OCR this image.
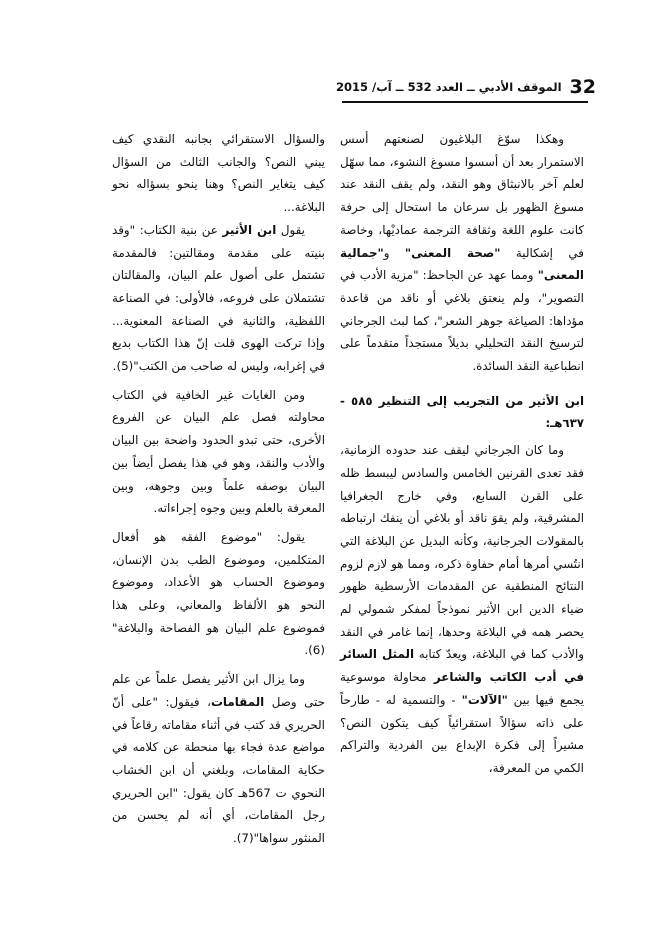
32
الموقف الأدبي ــ العدد 532 ــ آب/ 2015

وهكذا سوّغ البلاغيون لصنعتهم أسس الاستمرار بعد أن أسسوا مسوغ النشوء، مما سهّل لعلم آخر بالانبثاق وهو النقد، ولم يقف النقد عند مسوغ الظهور بل سرعان ما استحال إلى حرفة كانت علوم اللغة وثقافة الترجمة عماديْها، وخاصة في إشكالية "صحة المعنى" و"جمالية المعنى" ومما عهد عن الجاحظ: "مزية الأدب في التصوير"، ولم ينعتق بلاغي أو ناقد من قاعدة مؤداها: الصياغة جوهر الشعر"، كما لبث الجرجاني لترسيخ النقد التحليلي بديلاً مستجداً متقدماً على انطباعية النقد السائدة.

ابن الأثير من التجريب إلى التنظير ٥٨٥ - ٦٣٧هـ:

وما كان الجرجاني ليقف عند حدوده الزمانية، فقد تعدى القرنين الخامس والسادس ليبسط ظله على القرن السابع، وفي خارج الجغرافيا المشرقية، ولم يقوَ ناقد أو بلاغي أن ينفك ارتباطه بالمقولات الجرجانية، وكأنه البديل عن البلاغة التي انتُسي أمرها أمام حفاوة ذكره، ومما هو لازم لزوم النتائج المنطقية عن المقدمات الأرسطية ظهور ضياء الدين ابن الأثير نموذجاً لمفكر شمولي لم يحصر همه في البلاغة وحدها، إنما غامر في النقد والأدب كما في البلاغة، ويعدّ كتابه المثل السائر في أدب الكاتب والشاعر محاولة موسوعية يجمع فيها بين "الآلات" - والتسمية له - طارحاً على ذاته سؤالاً استقرائياً كيف يتكون النص؟ مشيراً إلى فكرة الإبداع بين الفردية والتراكم الكمي من المعرفة،

والسؤال الاستقرائي بجانبه النقدي كيف يبني النص؟ والجانب الثالث من السؤال كيف يتغاير النص؟ وهنا ينحو بسؤاله نحو البلاغة...

يقول ابن الأثير عن بنية الكتاب: "وقد بنيته على مقدمة ومقالتين: فالمقدمة تشتمل على أصول علم البيان، والمقالتان تشتملان على فروعه، فالأولى: في الصناعة اللفظية، والثانية في الصناعة المعنوية... وإذا تركت الهوى قلت إنّ هذا الكتاب بديع في إغرابه، وليس له صاحب من الكتب"(5).

ومن الغايات غير الخافية في الكتاب محاولته فصل علم البيان عن الفروع الأخرى، حتى تبدو الحدود واضحة بين البيان والأدب والنقد، وهو في هذا يفصل أيضاً بين البيان بوصفه علماً وبين وجوهه، وبين المعرفة بالعلم وبين وجوه إجراءاته.

يقول: "موضوع الفقه هو أفعال المتكلمين، وموضوع الطب بدن الإنسان، وموضوع الحساب هو الأعداد، وموضوع النحو هو الألفاظ والمعاني، وعلى هذا فموضوع علم البيان هو الفصاحة والبلاغة"(6).

وما يزال ابن الأثير يفصل علماً عن علم حتى وصل المقامات، فيقول: "على أنّ الحريري قد كتب في أثناء مقاماته رقاعاً في مواضع عدة فجاء بها منحطة عن كلامه في حكاية المقامات، وبلغني أن ابن الخشاب النحوي ت 567هـ كان يقول: "ابن الحريري رجل المقامات، أي أنه لم يحسن من المنثور سواها"(7).
